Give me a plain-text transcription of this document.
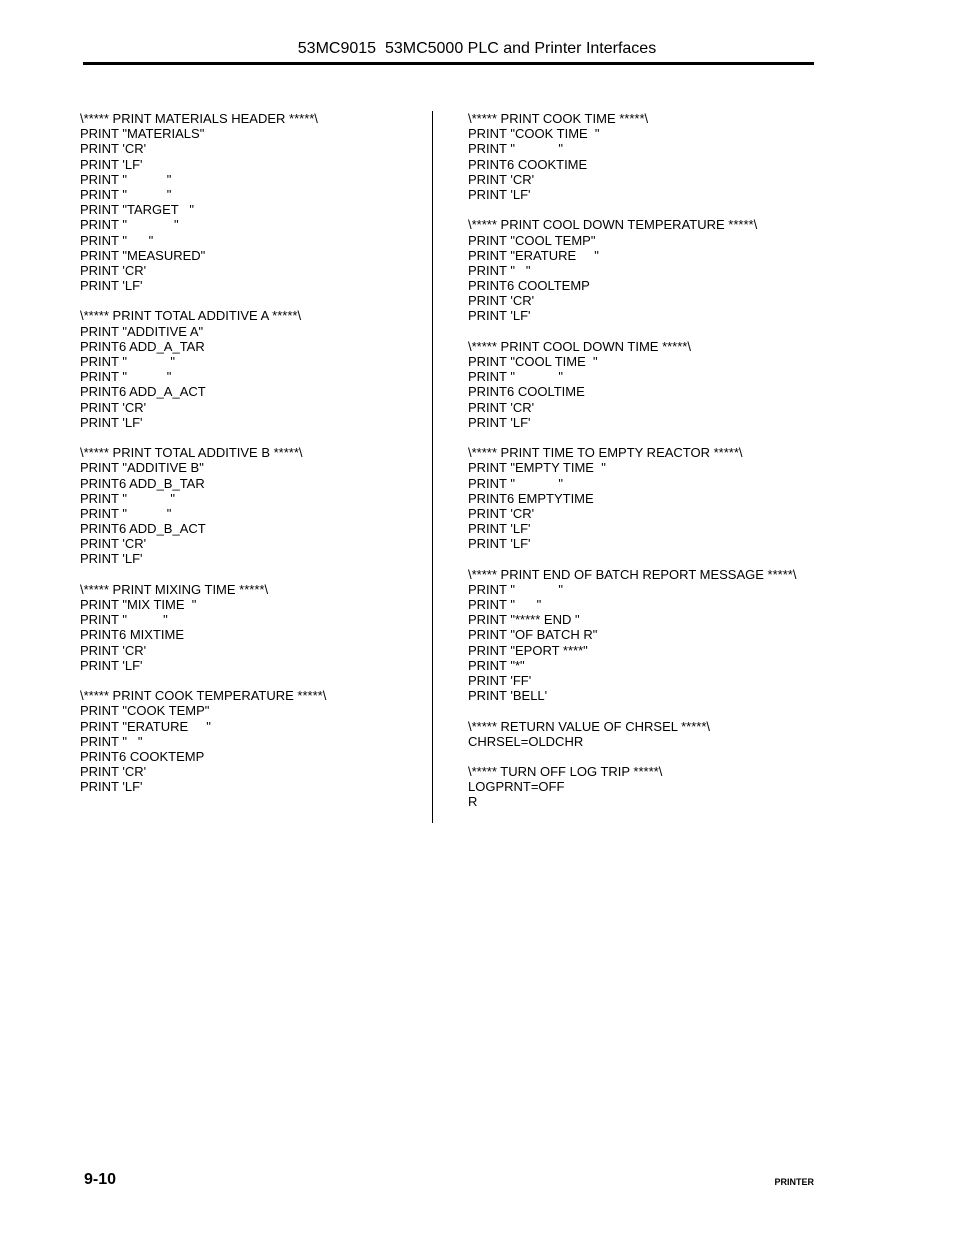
53MC9015  53MC5000 PLC and Printer Interfaces
\***** PRINT MATERIALS HEADER *****\
PRINT "MATERIALS"
PRINT 'CR'
PRINT 'LF'
PRINT "           "
PRINT "           "
PRINT "TARGET   "
PRINT "             "
PRINT "      "
PRINT "MEASURED"
PRINT 'CR'
PRINT 'LF'
\***** PRINT TOTAL ADDITIVE A *****\
PRINT "ADDITIVE A"
PRINT6 ADD_A_TAR
PRINT "            "
PRINT "           "
PRINT6 ADD_A_ACT
PRINT 'CR'
PRINT 'LF'
\***** PRINT TOTAL ADDITIVE B *****\
PRINT "ADDITIVE B"
PRINT6 ADD_B_TAR
PRINT "            "
PRINT "           "
PRINT6 ADD_B_ACT
PRINT 'CR'
PRINT 'LF'
\***** PRINT MIXING TIME *****\
PRINT "MIX TIME  "
PRINT "          "
PRINT6 MIXTIME
PRINT 'CR'
PRINT 'LF'
\***** PRINT COOK TEMPERATURE *****\
PRINT "COOK TEMP"
PRINT "ERATURE     "
PRINT "   "
PRINT6 COOKTEMP
PRINT 'CR'
PRINT 'LF'
\***** PRINT COOK TIME *****\
PRINT "COOK TIME  "
PRINT "            "
PRINT6 COOKTIME
PRINT 'CR'
PRINT 'LF'
\***** PRINT COOL DOWN TEMPERATURE *****\
PRINT "COOL TEMP"
PRINT "ERATURE     "
PRINT "   "
PRINT6 COOLTEMP
PRINT 'CR'
PRINT 'LF'
\***** PRINT COOL DOWN TIME *****\
PRINT "COOL TIME  "
PRINT "            "
PRINT6 COOLTIME
PRINT 'CR'
PRINT 'LF'
\***** PRINT TIME TO EMPTY REACTOR *****\
PRINT "EMPTY TIME  "
PRINT "            "
PRINT6 EMPTYTIME
PRINT 'CR'
PRINT 'LF'
PRINT 'LF'
\***** PRINT END OF BATCH REPORT MESSAGE *****\
PRINT "            "
PRINT "      "
PRINT "***** END "
PRINT "OF BATCH R"
PRINT "EPORT ****"
PRINT "*"
PRINT 'FF'
PRINT 'BELL'
\***** RETURN VALUE OF CHRSEL *****\
CHRSEL=OLDCHR
\***** TURN OFF LOG TRIP *****\
LOGPRNT=OFF
R
9-10	PRINTER
